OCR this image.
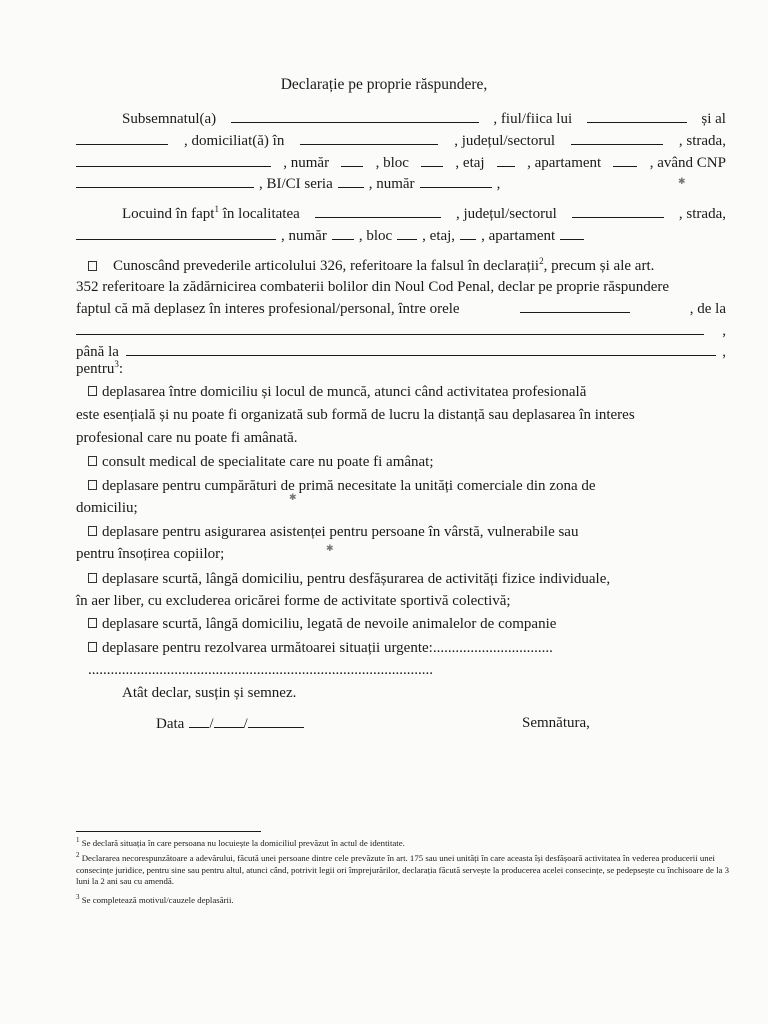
Declarație pe proprie răspundere,
Subsemnatul(a)	, fiul/fiica lui	și al
, domiciliat(ă) în	, județul/sectorul	, strada,
, număr	, bloc	, etaj	, apartament	, având CNP
, BI/CI seria , număr	,
Locuind în fapt$^1$ în localitatea	, județul/sectorul	, strada,
, număr , bloc , etaj, , apartament
Cunoscând prevederile articolului 326, referitoare la falsul în declarații$^2$, precum și ale art.
352 referitoare la zădărnicirea combaterii bolilor din Noul Cod Penal, declar pe proprie răspundere
faptul că mă deplasez în interes profesional/personal, între orele	, de la
,
până la	,
pentru$^3$:
deplasarea între domiciliu și locul de muncă, atunci când activitatea profesională
este esențială și nu poate fi organizată sub formă de lucru la distanță sau deplasarea în interes
profesional care nu poate fi amânată.
consult medical de specialitate care nu poate fi amânat;
deplasare pentru cumpărături de primă necesitate la unități comerciale din zona de
domiciliu;
deplasare pentru asigurarea asistenței pentru persoane în vârstă, vulnerabile sau
pentru însoțirea copiilor;
deplasare scurtă, lângă domiciliu, pentru desfășurarea de activități fizice individuale,
în aer liber, cu excluderea oricărei forme de activitate sportivă colectivă;
deplasare scurtă, lângă domiciliu, legată de nevoile animalelor de companie
deplasare pentru rezolvarea următoarei situații urgente:................................
............................................................................................
Atât declar, susțin și semnez.
Data / /	Semnătura,
$^1$ Se declară situația în care persoana nu locuiește la domiciliul prevăzut în actul de identitate.
$^2$ Declararea necorespunzătoare a adevărului, făcută unei persoane dintre cele prevăzute în art. 175 sau unei unități în care aceasta își desfășoară activitatea în vederea producerii unei consecințe juridice, pentru sine sau pentru altul, atunci când, potrivit legii ori împrejurărilor, declarația făcută servește la producerea acelei consecințe, se pedepsește cu închisoare de la 3 luni la 2 ani sau cu amendă.
$^3$ Se completează motivul/cauzele deplasării.
✱
✱
✱
